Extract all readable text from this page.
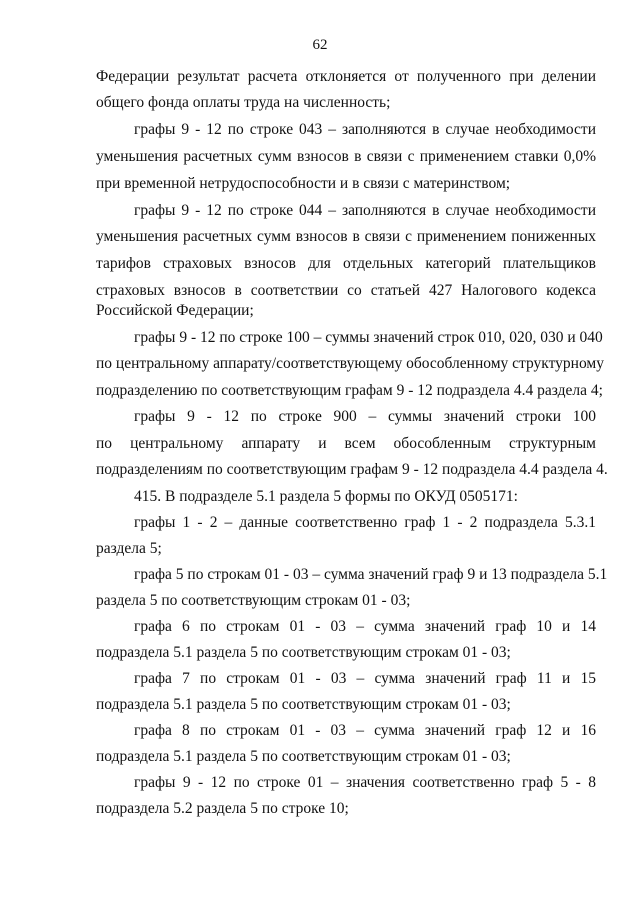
62
Федерации результат расчета отклоняется от полученного при делении
общего фонда оплаты труда на численность;
графы 9 - 12 по строке 043 – заполняются в случае необходимости
уменьшения расчетных сумм взносов в связи с применением ставки 0,0%
при временной нетрудоспособности и в связи с материнством;
графы 9 - 12 по строке 044 – заполняются в случае необходимости
уменьшения расчетных сумм взносов в связи с применением пониженных
тарифов страховых взносов для отдельных категорий плательщиков
страховых взносов в соответствии со статьей 427 Налогового кодекса
Российской Федерации;
графы 9 - 12 по строке 100 – суммы значений строк 010, 020, 030 и 040
по центральному аппарату/соответствующему обособленному структурному
подразделению по соответствующим графам 9 - 12 подраздела 4.4 раздела 4;
графы 9 - 12 по строке 900 – суммы значений строки 100
по центральному аппарату и всем обособленным структурным
подразделениям по соответствующим графам 9 - 12 подраздела 4.4 раздела 4.
415. В подразделе 5.1 раздела 5 формы по ОКУД 0505171:
графы 1 - 2 – данные соответственно граф 1 - 2 подраздела 5.3.1
раздела 5;
графа 5 по строкам 01 - 03 – сумма значений граф 9 и 13 подраздела 5.1
раздела 5 по соответствующим строкам 01 - 03;
графа 6 по строкам 01 - 03 – сумма значений граф 10 и 14
подраздела 5.1 раздела 5 по соответствующим строкам 01 - 03;
графа 7 по строкам 01 - 03 – сумма значений граф 11 и 15
подраздела 5.1 раздела 5 по соответствующим строкам 01 - 03;
графа 8 по строкам 01 - 03 – сумма значений граф 12 и 16
подраздела 5.1 раздела 5 по соответствующим строкам 01 - 03;
графы 9 - 12 по строке 01 – значения соответственно граф 5 - 8
подраздела 5.2 раздела 5 по строке 10;
